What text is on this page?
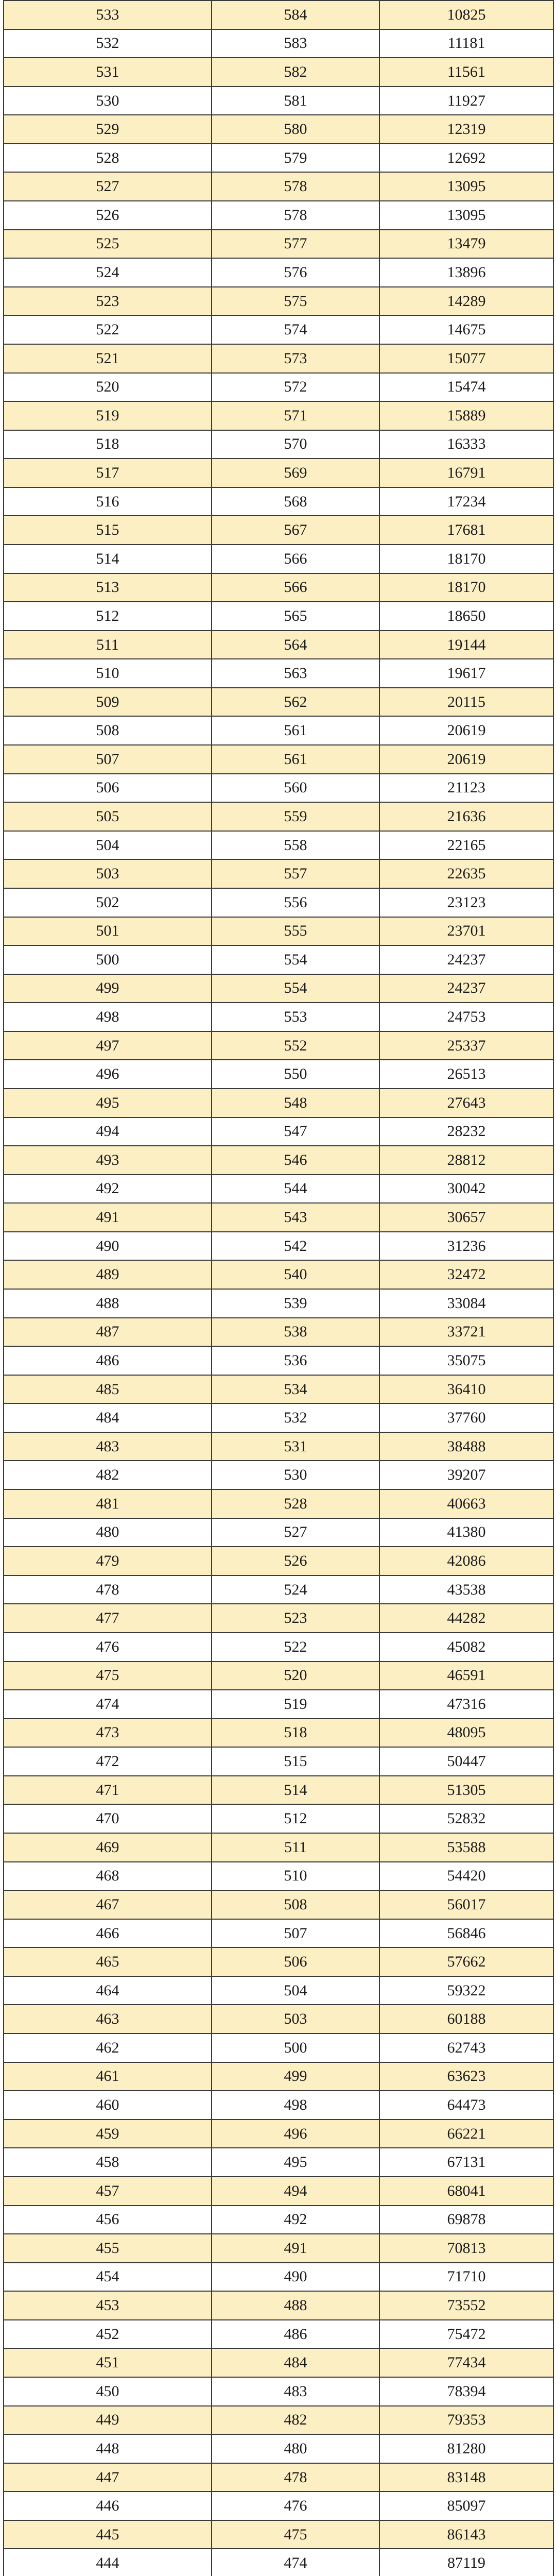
533	584	10825
532	583	11181
531	582	11561
530	581	11927
529	580	12319
528	579	12692
527	578	13095
526	578	13095
525	577	13479
524	576	13896
523	575	14289
522	574	14675
521	573	15077
520	572	15474
519	571	15889
518	570	16333
517	569	16791
516	568	17234
515	567	17681
514	566	18170
513	566	18170
512	565	18650
511	564	19144
510	563	19617
509	562	20115
508	561	20619
507	561	20619
506	560	21123
505	559	21636
504	558	22165
503	557	22635
502	556	23123
501	555	23701
500	554	24237
499	554	24237
498	553	24753
497	552	25337
496	550	26513
495	548	27643
494	547	28232
493	546	28812
492	544	30042
491	543	30657
490	542	31236
489	540	32472
488	539	33084
487	538	33721
486	536	35075
485	534	36410
484	532	37760
483	531	38488
482	530	39207
481	528	40663
480	527	41380
479	526	42086
478	524	43538
477	523	44282
476	522	45082
475	520	46591
474	519	47316
473	518	48095
472	515	50447
471	514	51305
470	512	52832
469	511	53588
468	510	54420
467	508	56017
466	507	56846
465	506	57662
464	504	59322
463	503	60188
462	500	62743
461	499	63623
460	498	64473
459	496	66221
458	495	67131
457	494	68041
456	492	69878
455	491	70813
454	490	71710
453	488	73552
452	486	75472
451	484	77434
450	483	78394
449	482	79353
448	480	81280
447	478	83148
446	476	85097
445	475	86143
444	474	87119
